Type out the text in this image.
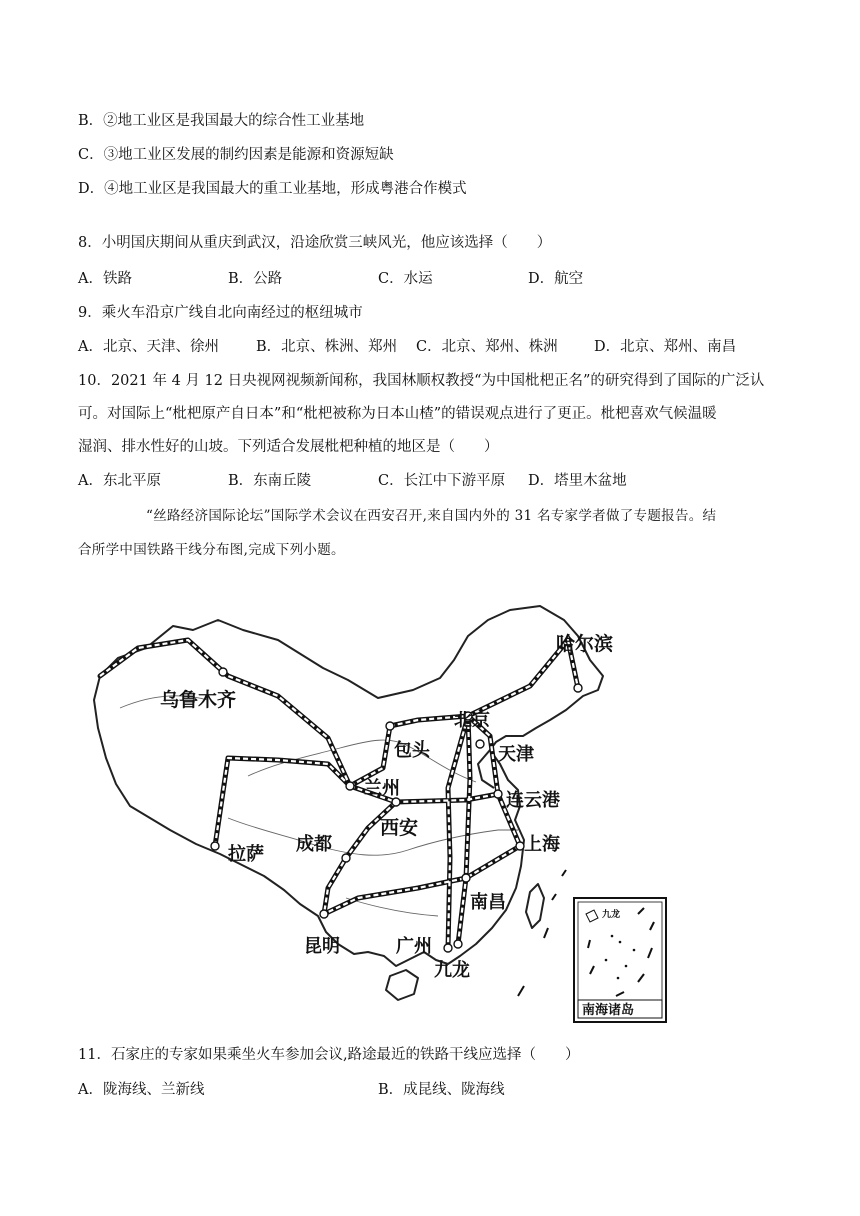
B．②地工业区是我国最大的综合性工业基地
C．③地工业区发展的制约因素是能源和资源短缺
D．④地工业区是我国最大的重工业基地，形成粤港合作模式
8．小明国庆期间从重庆到武汉，沿途欣赏三峡风光，他应该选择（　　）
A．铁路	B．公路	C．水运	D．航空
9．乘火车沿京广线自北向南经过的枢纽城市
A．北京、天津、徐州	B．北京、株洲、郑州 C．北京、郑州、株洲	D．北京、郑州、南昌
10．2021 年 4 月 12 日央视网视频新闻称，我国林顺权教授“为中国枇杷正名”的研究得到了国际的广泛认
可。对国际上“枇杷原产自日本”和“枇杷被称为日本山楂”的错误观点进行了更正。枇杷喜欢气候温暖
湿润、排水性好的山坡。下列适合发展枇杷种植的地区是（　　）
A．东北平原	B．东南丘陵	C．长江中下游平原 D．塔里木盆地
“丝路经济国际论坛”国际学术会议在西安召开,来自国内外的 31 名专家学者做了专题报告。结
合所学中国铁路干线分布图,完成下列小题。
哈尔滨
乌鲁木齐
北京
包头	天津
兰州
连云港
西安
拉萨 成都	上海
南昌
昆明	广州
九龙
九龙
南海诸岛
11．石家庄的专家如果乘坐火车参加会议,路途最近的铁路干线应选择（　　）
A．陇海线、兰新线	B．成昆线、陇海线
